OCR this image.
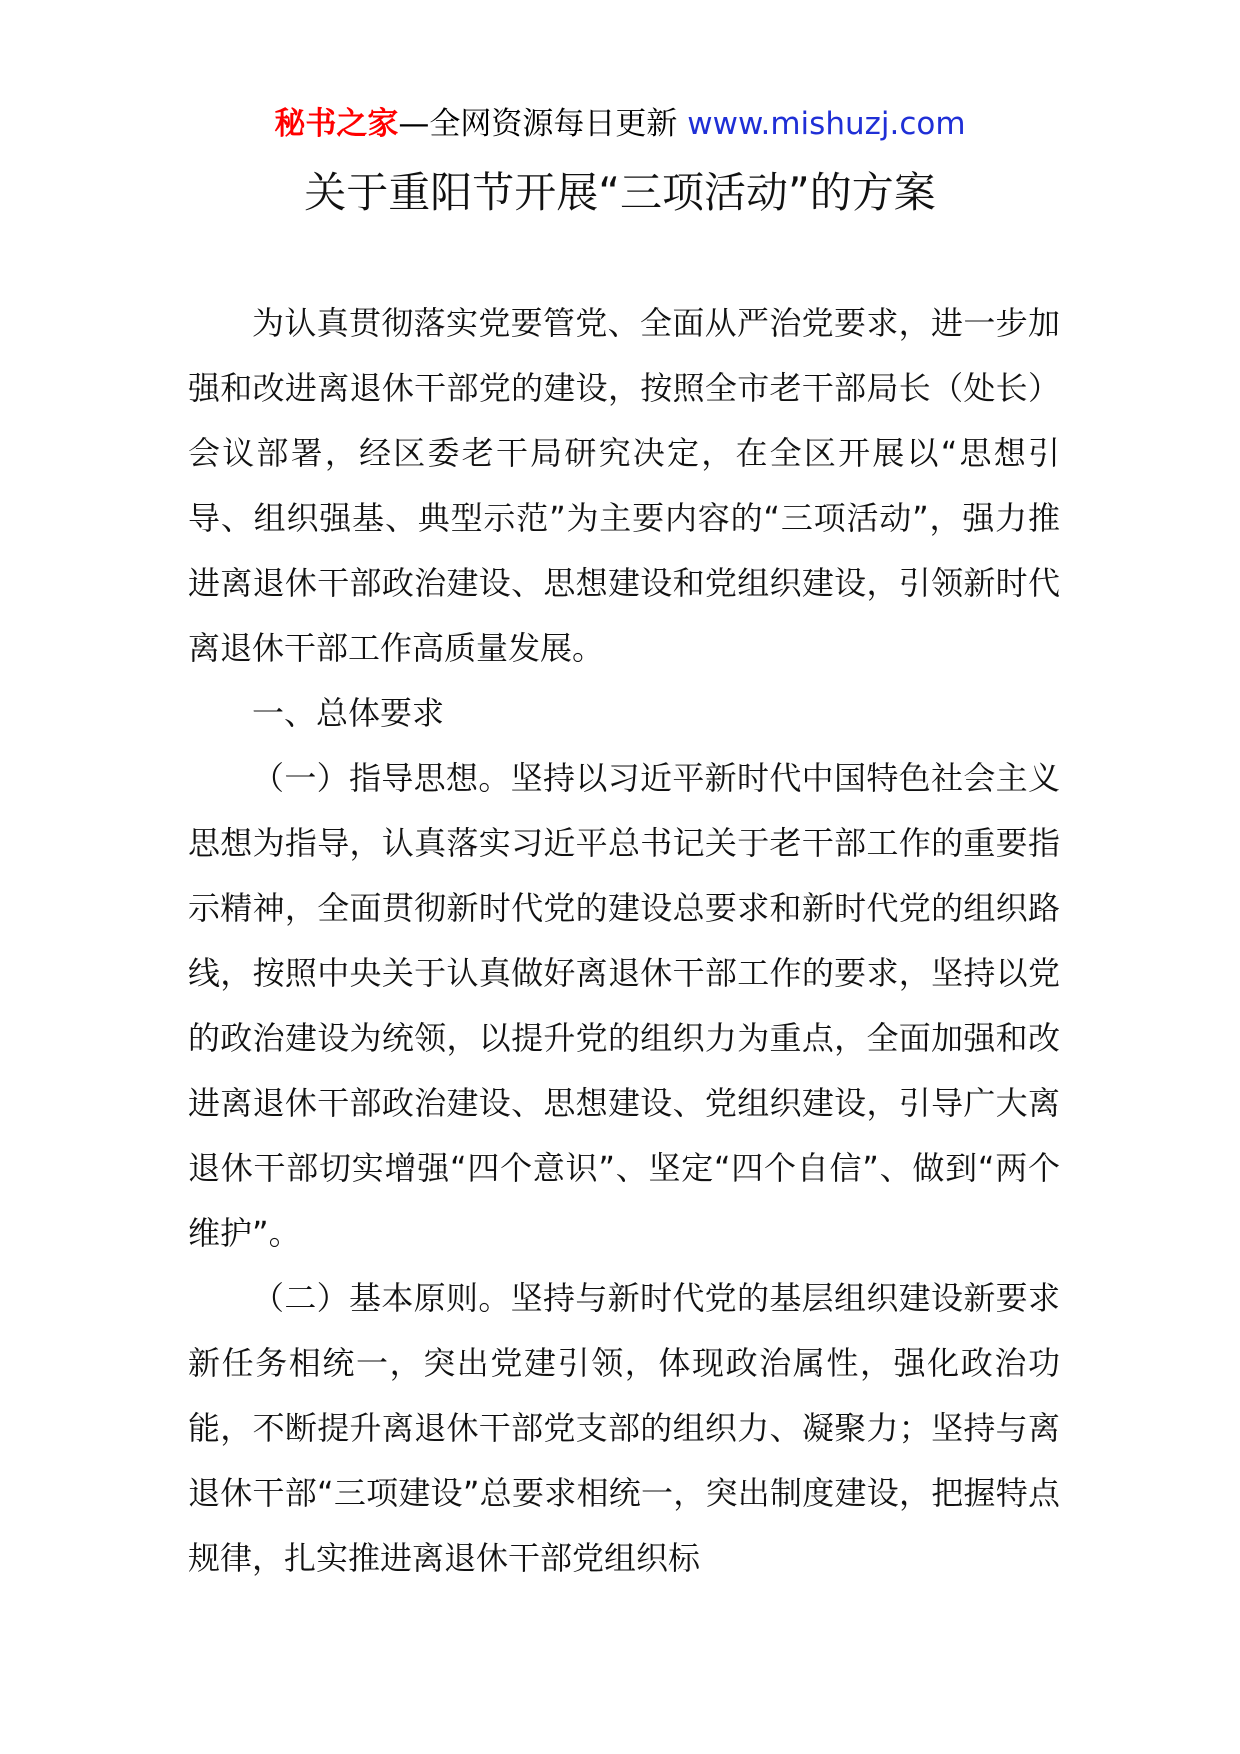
秘书之家—全网资源每日更新 www.mishuzj.com
关于重阳节开展“三项活动”的方案

为认真贯彻落实党要管党、全面从严治党要求，进一步加强和改进离退休干部党的建设，按照全市老干部局长（处长）会议部署，经区委老干局研究决定，在全区开展以“思想引导、组织强基、典型示范”为主要内容的“三项活动”，强力推进离退休干部政治建设、思想建设和党组织建设，引领新时代离退休干部工作高质量发展。

一、总体要求

（一）指导思想。坚持以习近平新时代中国特色社会主义思想为指导，认真落实习近平总书记关于老干部工作的重要指示精神，全面贯彻新时代党的建设总要求和新时代党的组织路线，按照中央关于认真做好离退休干部工作的要求，坚持以党的政治建设为统领，以提升党的组织力为重点，全面加强和改进离退休干部政治建设、思想建设、党组织建设，引导广大离退休干部切实增强“四个意识”、坚定“四个自信”、做到“两个维护”。

（二）基本原则。坚持与新时代党的基层组织建设新要求新任务相统一，突出党建引领，体现政治属性，强化政治功能，不断提升离退休干部党支部的组织力、凝聚力；坚持与离退休干部“三项建设”总要求相统一，突出制度建设，把握特点规律，扎实推进离退休干部党组织标
